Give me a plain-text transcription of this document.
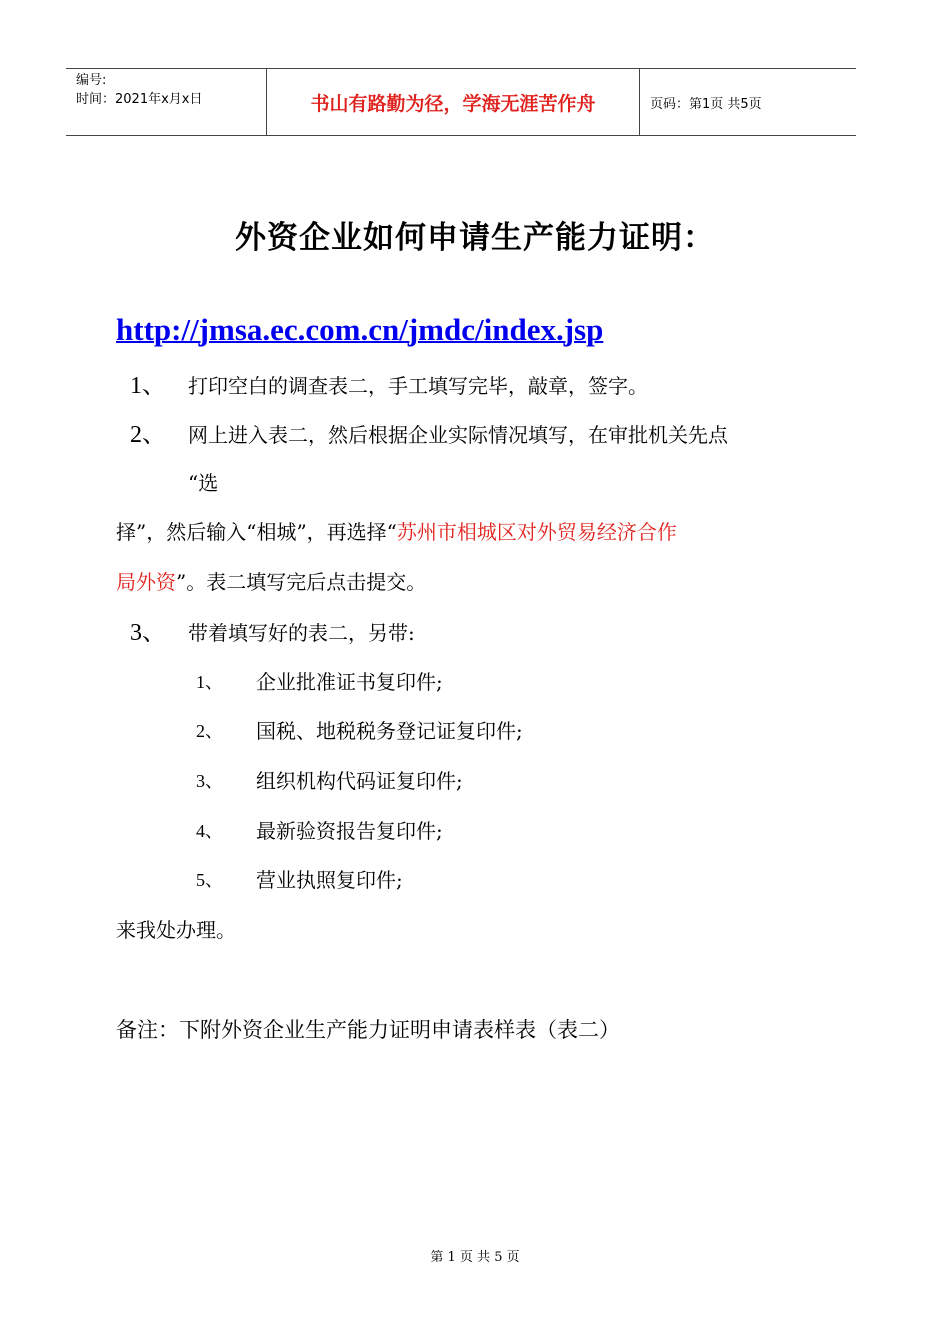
编号:
时间：2021年x月x日	书山有路勤为径，学海无涯苦作舟	页码：第1页 共5页
外资企业如何申请生产能力证明：
http://jmsa.ec.com.cn/jmdc/index.jsp
1、 打印空白的调查表二，手工填写完毕，敲章，签字。
2、 网上进入表二，然后根据企业实际情况填写，在审批机关先点
“选
择”，然后输入“相城”，再选择“苏州市相城区对外贸易经济合作
局外资”。表二填写完后点击提交。
3、 带着填写好的表二，另带:
1、 企业批准证书复印件;
2、 国税、地税税务登记证复印件;
3、 组织机构代码证复印件;
4、 最新验资报告复印件;
5、 营业执照复印件;
来我处办理。
备注：下附外资企业生产能力证明申请表样表（表二）
第 1 页 共 5 页
